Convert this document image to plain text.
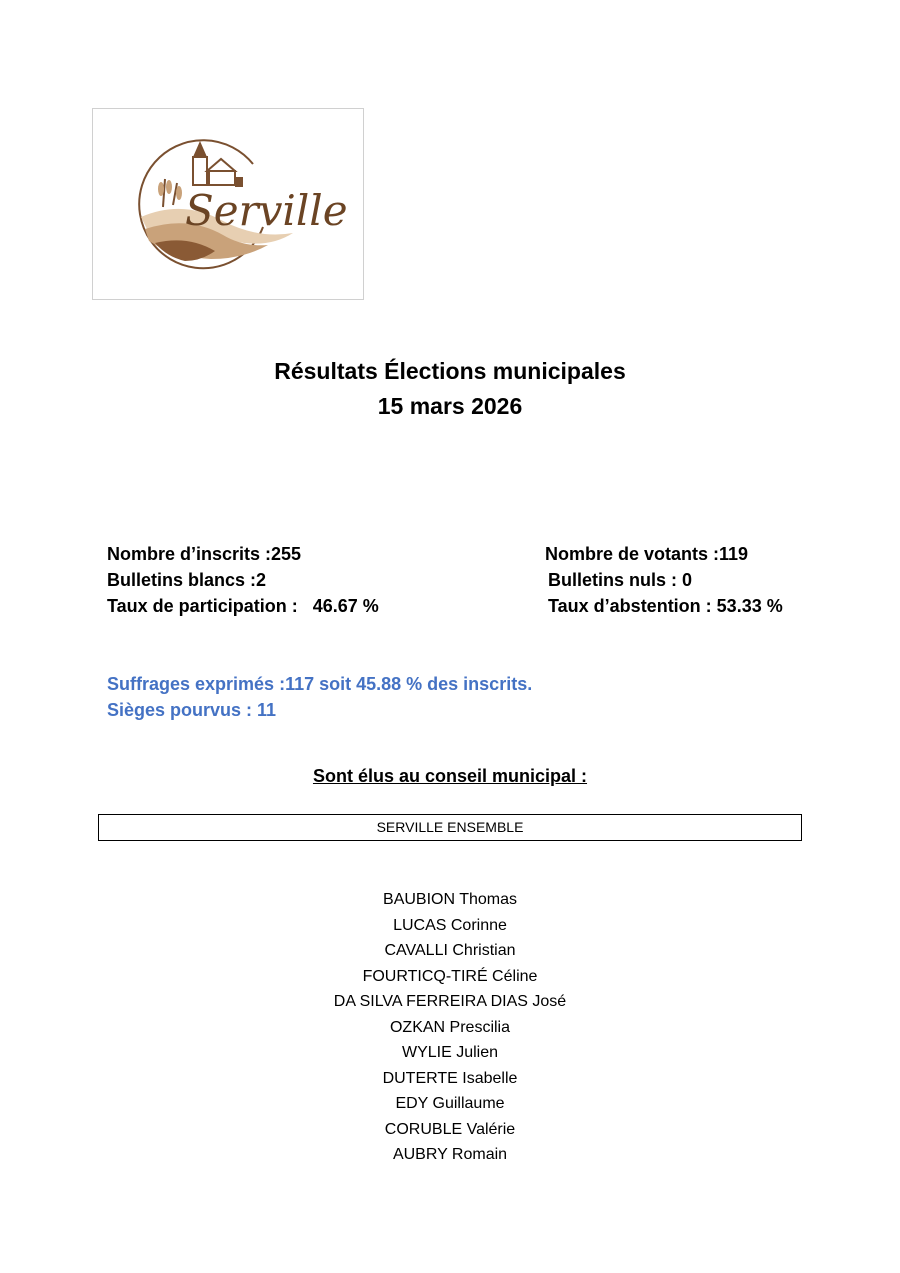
Serville
Résultats Élections municipales
15 mars 2026
Nombre d’inscrits :255	Nombre de votants :119
Bulletins blancs :2	Bulletins nuls : 0
Taux de participation :   46.67 %	Taux d’abstention : 53.33 %
Suffrages exprimés :117 soit 45.88 % des inscrits.
Sièges pourvus : 11
Sont élus au conseil municipal :
SERVILLE ENSEMBLE
BAUBION Thomas
LUCAS Corinne
CAVALLI Christian
FOURTICQ-TIRÉ Céline
DA SILVA FERREIRA DIAS José
OZKAN Prescilia
WYLIE Julien
DUTERTE Isabelle
EDY Guillaume
CORUBLE Valérie
AUBRY Romain
